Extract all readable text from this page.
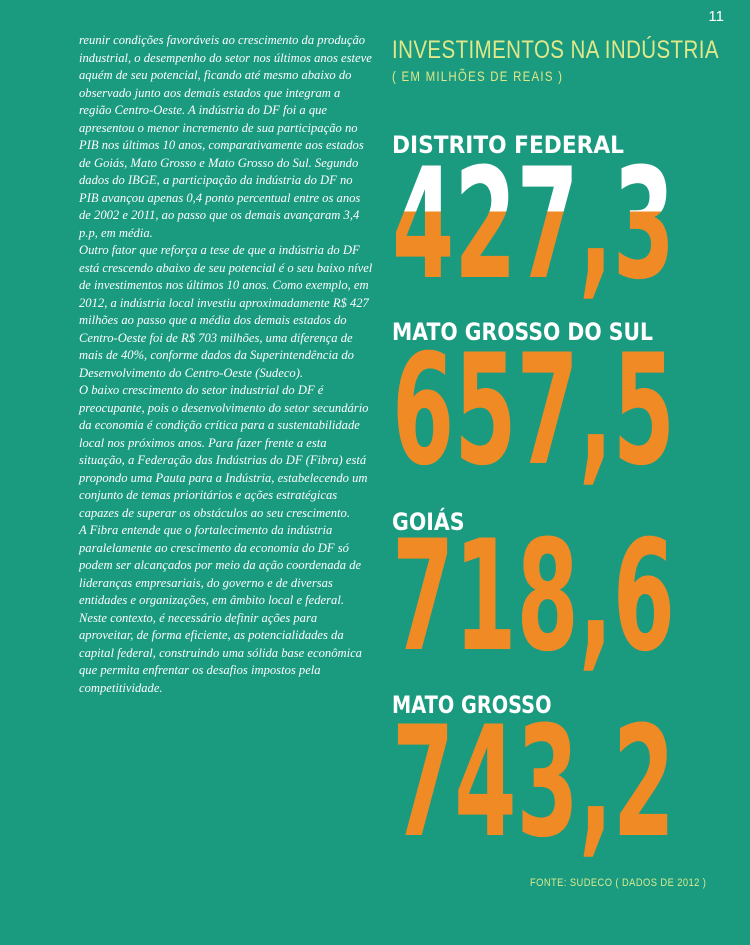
11

reunir condições favoráveis ao crescimento da produção industrial, o desempenho do setor nos últimos anos esteve aquém de seu potencial, ficando até mesmo abaixo do observado junto aos demais estados que integram a região Centro-Oeste. A indústria do DF foi a que apresentou o menor incremento de sua participação no PIB nos últimos 10 anos, comparativamente aos estados de Goiás, Mato Grosso e Mato Grosso do Sul. Segundo dados do IBGE, a participação da indústria do DF no PIB avançou apenas 0,4 ponto percentual entre os anos de 2002 e 2011, ao passo que os demais avançaram 3,4 p.p, em média.

Outro fator que reforça a tese de que a indústria do DF está crescendo abaixo de seu potencial é o seu baixo nível de investimentos nos últimos 10 anos. Como exemplo, em 2012, a indústria local investiu aproximadamente R$ 427 milhões ao passo que a média dos demais estados do Centro-Oeste foi de R$ 703 milhões, uma diferença de mais de 40%, conforme dados da Superintendência do Desenvolvimento do Centro-Oeste (Sudeco).

O baixo crescimento do setor industrial do DF é preocupante, pois o desenvolvimento do setor secundário da economia é condição crítica para a sustentabilidade local nos próximos anos. Para fazer frente a esta situação, a Federação das Indústrias do DF (Fibra) está propondo uma Pauta para a Indústria, estabelecendo um conjunto de temas prioritários e ações estratégicas capazes de superar os obstáculos ao seu crescimento.

A Fibra entende que o fortalecimento da indústria paralelamente ao crescimento da economia do DF só podem ser alcançados por meio da ação coordenada de lideranças empresariais, do governo e de diversas entidades e organizações, em âmbito local e federal. Neste contexto, é necessário definir ações para aproveitar, de forma eficiente, as potencialidades da capital federal, construindo uma sólida base econômica que permita enfrentar os desafios impostos pela competitividade.

INVESTIMENTOS NA INDÚSTRIA
( EM MILHÕES DE REAIS )
DISTRITO FEDERAL
427,3
MATO GROSSO DO SUL
657,5
GOIÁS
718,6
MATO GROSSO
743,2
FONTE: SUDECO ( DADOS DE 2012 )
